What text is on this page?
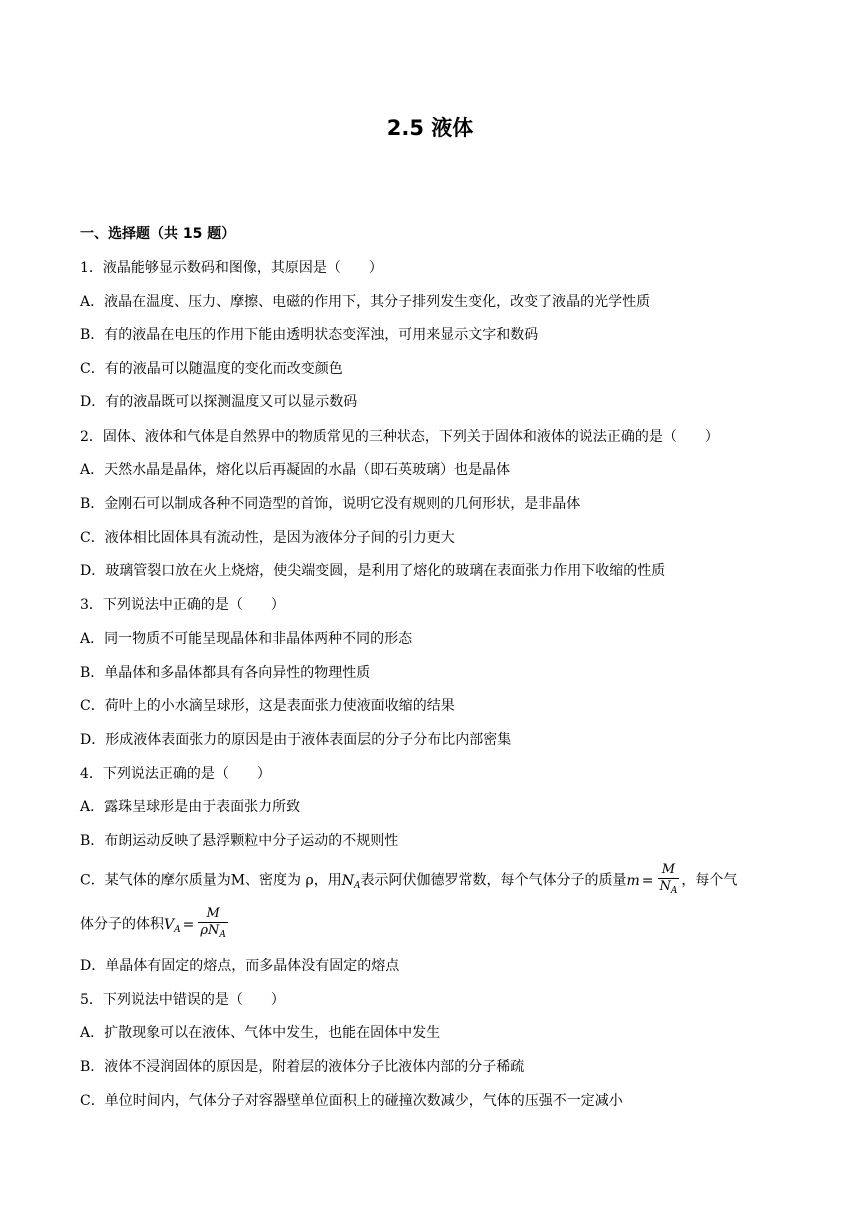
2.5 液体
一、选择题（共 15 题）
1．液晶能够显示数码和图像，其原因是（　　）
A．液晶在温度、压力、摩擦、电磁的作用下，其分子排列发生变化，改变了液晶的光学性质
B．有的液晶在电压的作用下能由透明状态变浑浊，可用来显示文字和数码
C．有的液晶可以随温度的变化而改变颜色
D．有的液晶既可以探测温度又可以显示数码
2．固体、液体和气体是自然界中的物质常见的三种状态，下列关于固体和液体的说法正确的是（　　）
A．天然水晶是晶体，熔化以后再凝固的水晶（即石英玻璃）也是晶体
B．金刚石可以制成各种不同造型的首饰，说明它没有规则的几何形状，是非晶体
C．液体相比固体具有流动性，是因为液体分子间的引力更大
D．玻璃管裂口放在火上烧熔，使尖端变圆，是利用了熔化的玻璃在表面张力作用下收缩的性质
3．下列说法中正确的是（　　）
A．同一物质不可能呈现晶体和非晶体两种不同的形态
B．单晶体和多晶体都具有各向异性的物理性质
C．荷叶上的小水滴呈球形，这是表面张力使液面收缩的结果
D．形成液体表面张力的原因是由于液体表面层的分子分布比内部密集
4．下列说法正确的是（　　）
A．露珠呈球形是由于表面张力所致
B．布朗运动反映了悬浮颗粒中分子运动的不规则性
C．某气体的摩尔质量为M、密度为 ρ，用$N_A$表示阿伏伽德罗常数，每个气体分子的质量$m = \frac{M}{N_A}$ ，每个气
体分子的体积$V_A = \frac{M}{\rho N_A}$
D．单晶体有固定的熔点，而多晶体没有固定的熔点
5．下列说法中错误的是（　　）
A．扩散现象可以在液体、气体中发生，也能在固体中发生
B．液体不浸润固体的原因是，附着层的液体分子比液体内部的分子稀疏
C．单位时间内，气体分子对容器壁单位面积上的碰撞次数减少，气体的压强不一定减小
